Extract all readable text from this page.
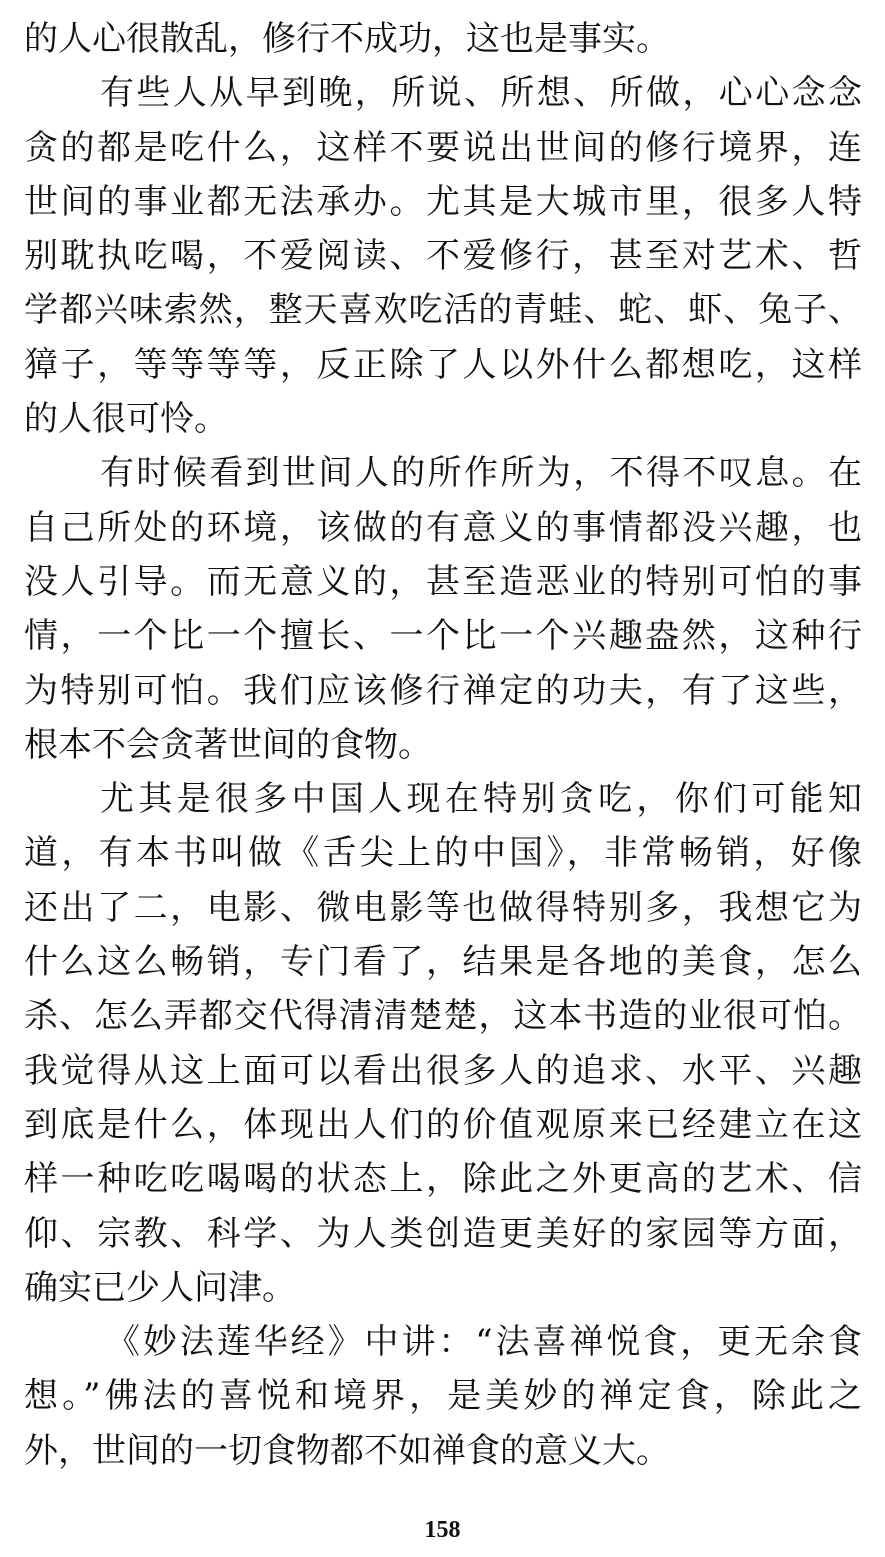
的人心很散乱，修行不成功，这也是事实。
有些人从早到晚，所说、所想、所做，心心念念
贪的都是吃什么，这样不要说出世间的修行境界，连
世间的事业都无法承办。尤其是大城市里，很多人特
别耽执吃喝，不爱阅读、不爱修行，甚至对艺术、哲
学都兴味索然，整天喜欢吃活的青蛙、蛇、虾、兔子、
獐子，等等等等，反正除了人以外什么都想吃，这样
的人很可怜。
有时候看到世间人的所作所为，不得不叹息。在
自己所处的环境，该做的有意义的事情都没兴趣，也
没人引导。而无意义的，甚至造恶业的特别可怕的事
情，一个比一个擅长、一个比一个兴趣盎然，这种行
为特别可怕。我们应该修行禅定的功夫，有了这些，
根本不会贪著世间的食物。
尤其是很多中国人现在特别贪吃，你们可能知
道，有本书叫做《舌尖上的中国》，非常畅销，好像
还出了二，电影、微电影等也做得特别多，我想它为
什么这么畅销，专门看了，结果是各地的美食，怎么
杀、怎么弄都交代得清清楚楚，这本书造的业很可怕。
我觉得从这上面可以看出很多人的追求、水平、兴趣
到底是什么，体现出人们的价值观原来已经建立在这
样一种吃吃喝喝的状态上，除此之外更高的艺术、信
仰、宗教、科学、为人类创造更美好的家园等方面，
确实已少人问津。
《妙法莲华经》中讲：“法喜禅悦食，更无余食
想。”佛法的喜悦和境界，是美妙的禅定食，除此之
外，世间的一切食物都不如禅食的意义大。
158
